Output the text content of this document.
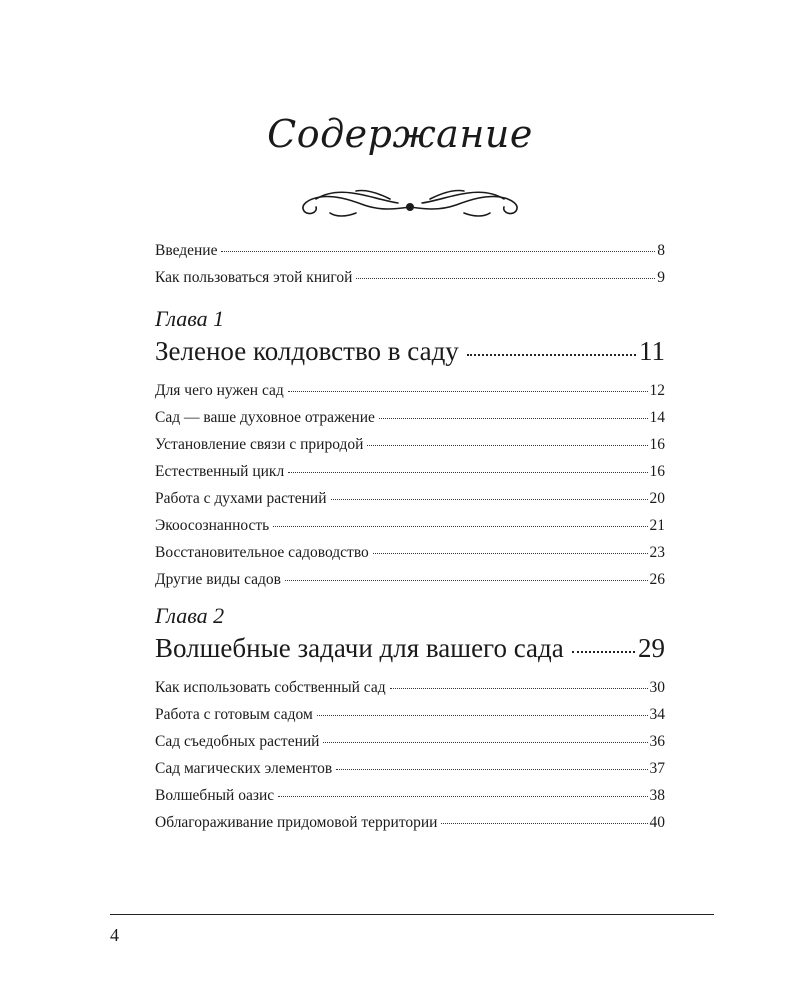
Содержание
Введение	8
Как пользоваться этой книгой	9
Глава 1
Зеленое колдовство в саду	11
Для чего нужен сад	12
Сад — ваше духовное отражение	14
Установление связи с природой	16
Естественный цикл	16
Работа с духами растений	20
Экоосознанность	21
Восстановительное садоводство	23
Другие виды садов	26
Глава 2
Волшебные задачи для вашего сада	29
Как использовать собственный сад	30
Работа с готовым садом	34
Сад съедобных растений	36
Сад магических элементов	37
Волшебный оазис	38
Облагораживание придомовой территории	40
4
